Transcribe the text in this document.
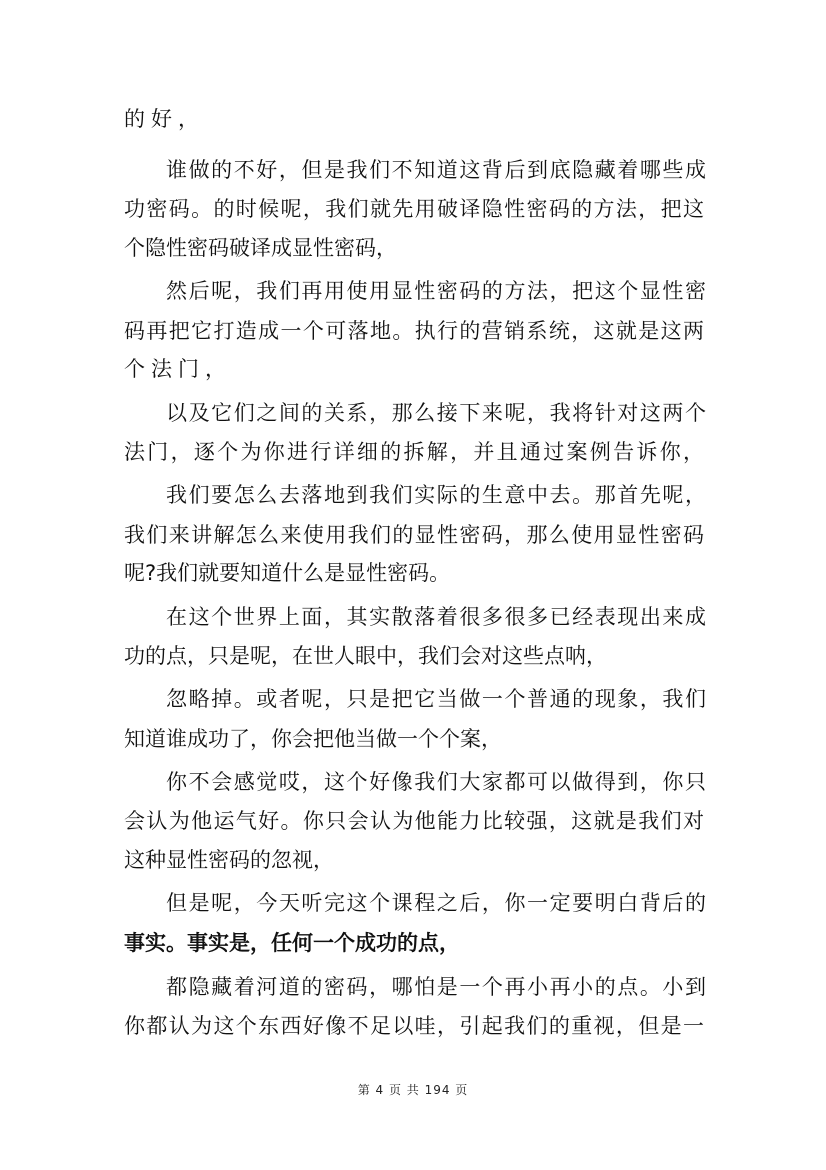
的好，
谁做的不好，但是我们不知道这背后到底隐藏着哪些成
功密码。的时候呢，我们就先用破译隐性密码的方法，把这
个隐性密码破译成显性密码，
然后呢，我们再用使用显性密码的方法，把这个显性密
码再把它打造成一个可落地。执行的营销系统，这就是这两
个法门，
以及它们之间的关系，那么接下来呢，我将针对这两个
法门，逐个为你进行详细的拆解，并且通过案例告诉你，
我们要怎么去落地到我们实际的生意中去。那首先呢，
我们来讲解怎么来使用我们的显性密码，那么使用显性密码
呢?我们就要知道什么是显性密码。
在这个世界上面，其实散落着很多很多已经表现出来成
功的点，只是呢，在世人眼中，我们会对这些点呐，
忽略掉。或者呢，只是把它当做一个普通的现象，我们
知道谁成功了，你会把他当做一个个案，
你不会感觉哎，这个好像我们大家都可以做得到，你只
会认为他运气好。你只会认为他能力比较强，这就是我们对
这种显性密码的忽视，
但是呢，今天听完这个课程之后，你一定要明白背后的
事实。事实是，任何一个成功的点，
都隐藏着河道的密码，哪怕是一个再小再小的点。小到
你都认为这个东西好像不足以哇，引起我们的重视，但是一
第 4 页 共 194 页
